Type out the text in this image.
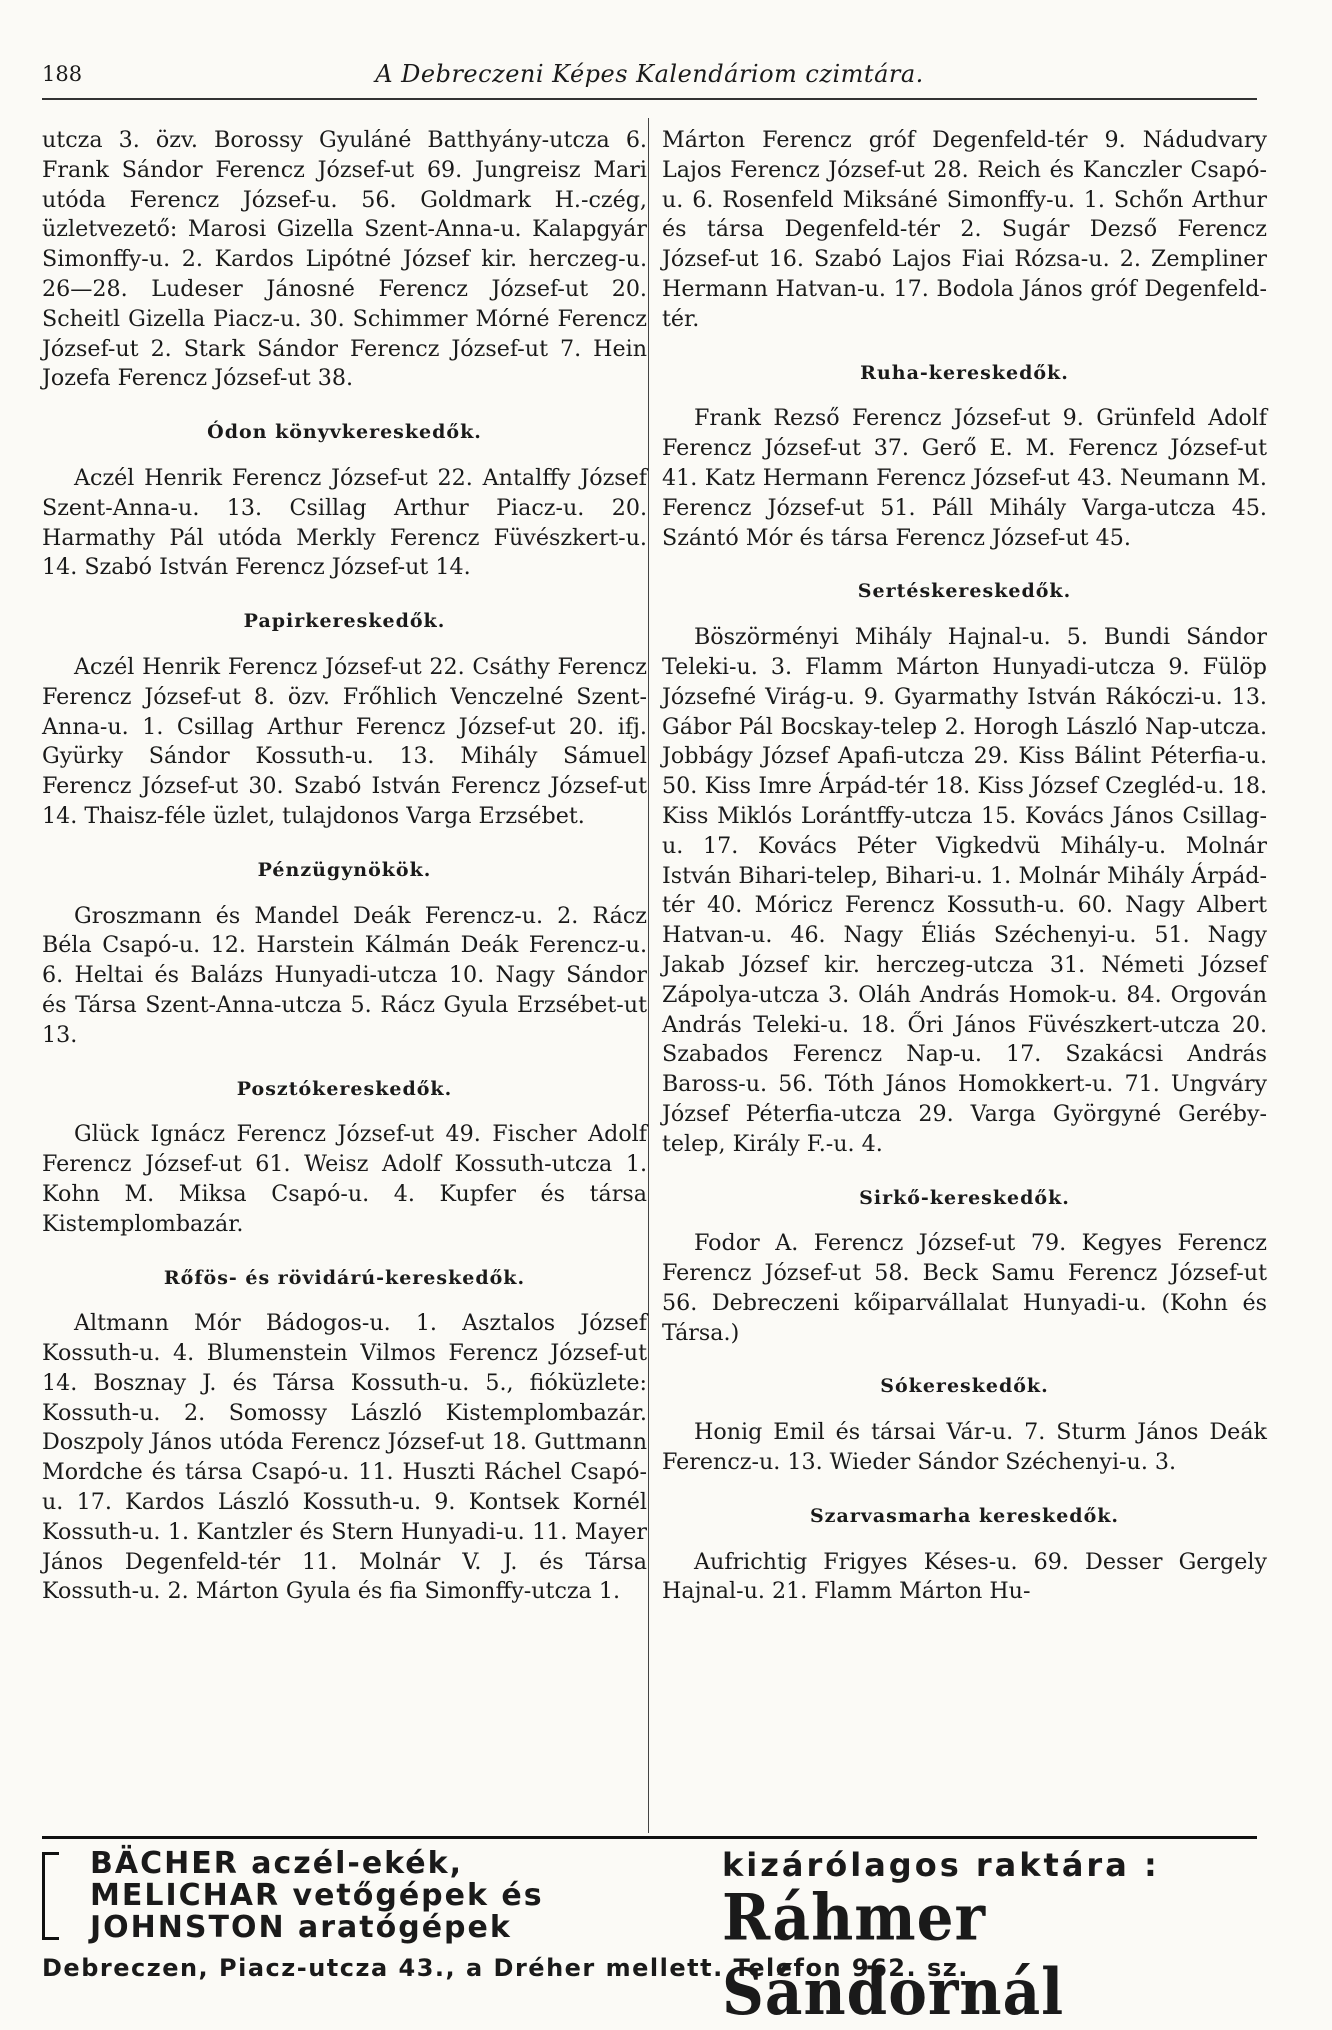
188	A Debreczeni Képes Kalendáriom czimtára.

utcza 3. özv. Borossy Gyuláné Batthyány-utcza 6. Frank Sándor Ferencz József-ut 69. Jungreisz Mari utóda Ferencz József-u. 56. Goldmark H.-czég, üzletvezető: Marosi Gizella Szent-Anna-u. Kalapgyár Simonffy-u. 2. Kardos Lipótné József kir. herczeg-u. 26—28. Ludeser Jánosné Ferencz József-ut 20. Scheitl Gizella Piacz-u. 30. Schimmer Mórné Ferencz József-ut 2. Stark Sándor Ferencz József-ut 7. Hein Jozefa Ferencz József-ut 38.

Ódon könyvkereskedők.

Aczél Henrik Ferencz József-ut 22. Antalffy József Szent-Anna-u. 13. Csillag Arthur Piacz-u. 20. Harmathy Pál utóda Merkly Ferencz Füvészkert-u. 14. Szabó István Ferencz József-ut 14.

Papirkereskedők.

Aczél Henrik Ferencz József-ut 22. Csáthy Ferencz Ferencz József-ut 8. özv. Frőhlich Venczelné Szent-Anna-u. 1. Csillag Arthur Ferencz József-ut 20. ifj. Gyürky Sándor Kossuth-u. 13. Mihály Sámuel Ferencz József-ut 30. Szabó István Ferencz József-ut 14. Thaisz-féle üzlet, tulajdonos Varga Erzsébet.

Pénzügynökök.

Groszmann és Mandel Deák Ferencz-u. 2. Rácz Béla Csapó-u. 12. Harstein Kálmán Deák Ferencz-u. 6. Heltai és Balázs Hunyadi-utcza 10. Nagy Sándor és Társa Szent-Anna-utcza 5. Rácz Gyula Erzsébet-ut 13.

Posztókereskedők.

Glück Ignácz Ferencz József-ut 49. Fischer Adolf Ferencz József-ut 61. Weisz Adolf Kossuth-utcza 1. Kohn M. Miksa Csapó-u. 4. Kupfer és társa Kistemplombazár.

Rőfös- és rövidárú-kereskedők.

Altmann Mór Bádogos-u. 1. Asztalos József Kossuth-u. 4. Blumenstein Vilmos Ferencz József-ut 14. Bosznay J. és Társa Kossuth-u. 5., fióküzlete: Kossuth-u. 2. Somossy László Kistemplombazár. Doszpoly János utóda Ferencz József-ut 18. Guttmann Mordche és társa Csapó-u. 11. Huszti Ráchel Csapó-u. 17. Kardos László Kossuth-u. 9. Kontsek Kornél Kossuth-u. 1. Kantzler és Stern Hunyadi-u. 11. Mayer János Degenfeld-tér 11. Molnár V. J. és Társa Kossuth-u. 2. Márton Gyula és fia Simonffy-utcza 1.

Márton Ferencz gróf Degenfeld-tér 9. Nádudvary Lajos Ferencz József-ut 28. Reich és Kanczler Csapó-u. 6. Rosenfeld Miksáné Simonffy-u. 1. Schőn Arthur és társa Degenfeld-tér 2. Sugár Dezső Ferencz József-ut 16. Szabó Lajos Fiai Rózsa-u. 2. Zempliner Hermann Hatvan-u. 17. Bodola János gróf Degenfeld-tér.

Ruha-kereskedők.

Frank Rezső Ferencz József-ut 9. Grünfeld Adolf Ferencz József-ut 37. Gerő E. M. Ferencz József-ut 41. Katz Hermann Ferencz József-ut 43. Neumann M. Ferencz József-ut 51. Páll Mihály Varga-utcza 45. Szántó Mór és társa Ferencz József-ut 45.

Sertéskereskedők.

Böszörményi Mihály Hajnal-u. 5. Bundi Sándor Teleki-u. 3. Flamm Márton Hunyadi-utcza 9. Fülöp Józsefné Virág-u. 9. Gyarmathy István Rákóczi-u. 13. Gábor Pál Bocskay-telep 2. Horogh László Nap-utcza. Jobbágy József Apafi-utcza 29. Kiss Bálint Péterfia-u. 50. Kiss Imre Árpád-tér 18. Kiss József Czegléd-u. 18. Kiss Miklós Lorántffy-utcza 15. Kovács János Csillag-u. 17. Kovács Péter Vigkedvü Mihály-u. Molnár István Bihari-telep, Bihari-u. 1. Molnár Mihály Árpád-tér 40. Móricz Ferencz Kossuth-u. 60. Nagy Albert Hatvan-u. 46. Nagy Éliás Széchenyi-u. 51. Nagy Jakab József kir. herczeg-utcza 31. Németi József Zápolya-utcza 3. Oláh András Homok-u. 84. Orgován András Teleki-u. 18. Őri János Füvészkert-utcza 20. Szabados Ferencz Nap-u. 17. Szakácsi András Baross-u. 56. Tóth János Homokkert-u. 71. Ungváry József Péterfia-utcza 29. Varga Györgyné Geréby-telep, Király F.-u. 4.

Sirkő-kereskedők.

Fodor A. Ferencz József-ut 79. Kegyes Ferencz Ferencz József-ut 58. Beck Samu Ferencz József-ut 56. Debreczeni kőiparvállalat Hunyadi-u. (Kohn és Társa.)

Sókereskedők.

Honig Emil és társai Vár-u. 7. Sturm János Deák Ferencz-u. 13. Wieder Sándor Széchenyi-u. 3.

Szarvasmarha kereskedők.

Aufrichtig Frigyes Késes-u. 69. Desser Gergely Hajnal-u. 21. Flamm Márton Hu-

BÄCHER aczél-ekék,
MELICHAR vetőgépek és
JOHNSTON aratógépek
kizárólagos raktára :
Ráhmer Sándornál
Debreczen, Piacz-utcza 43., a Dréher mellett. Telefon 962. sz.
